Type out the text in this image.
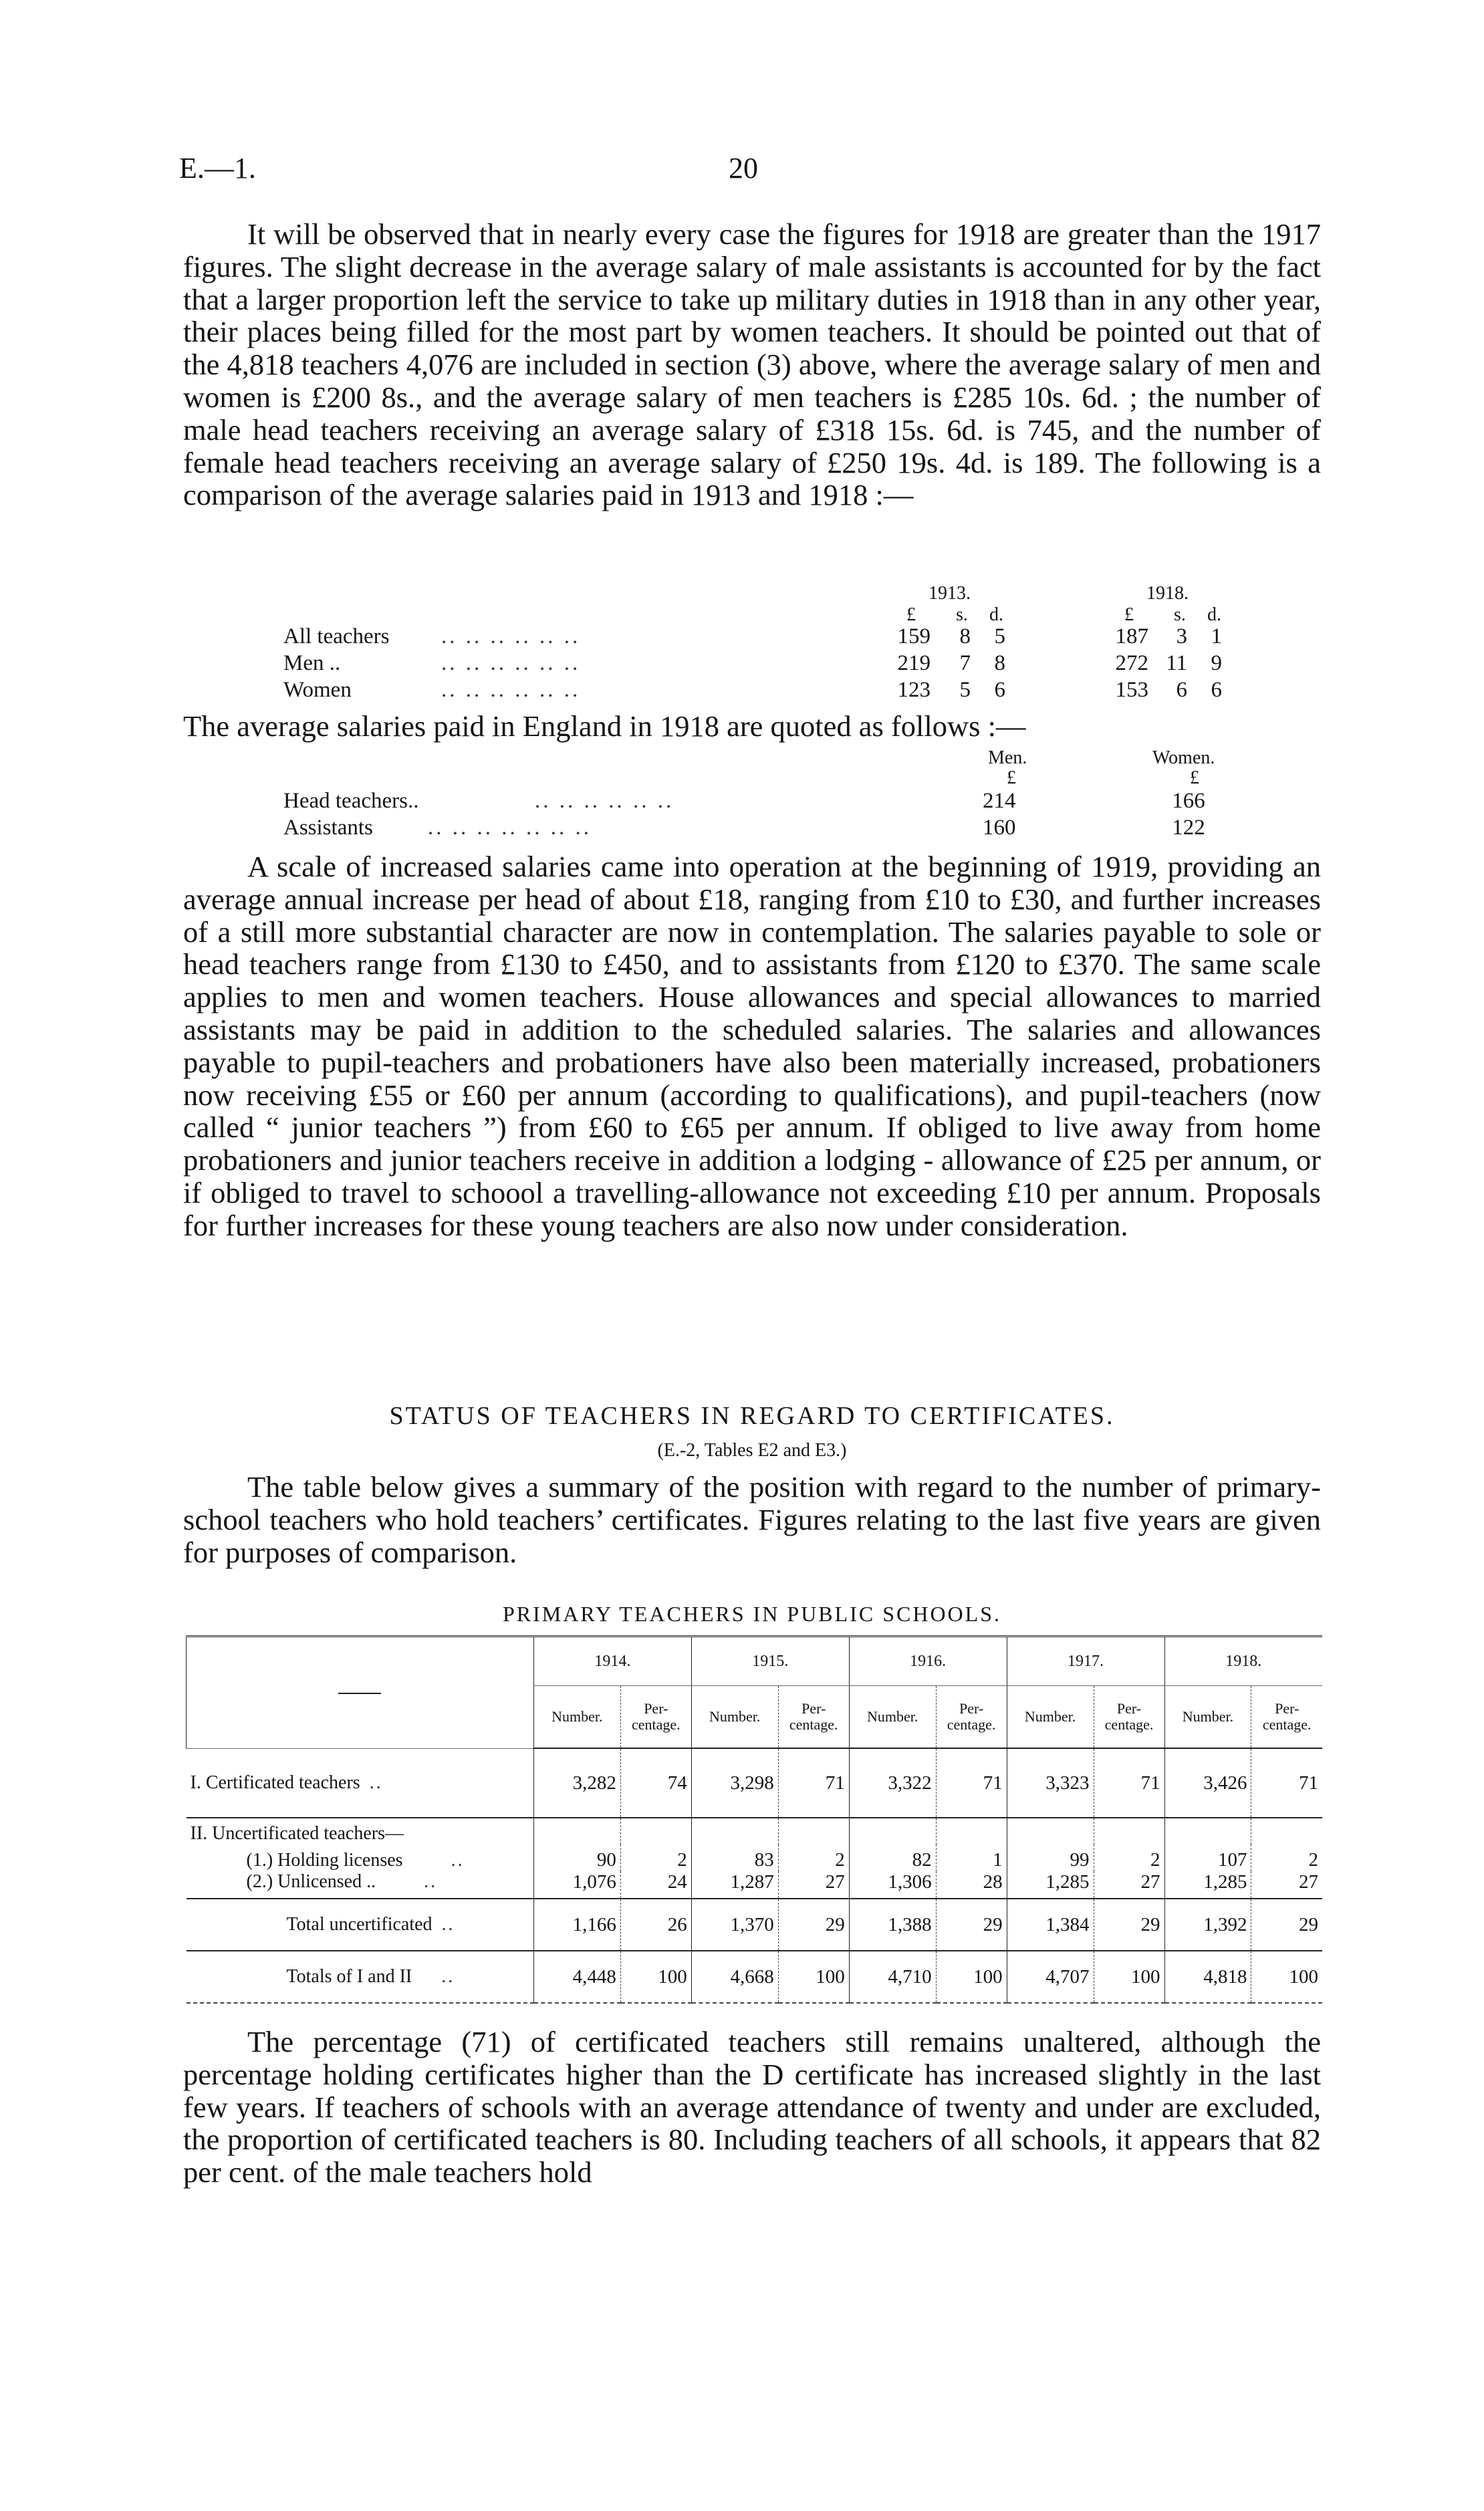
E.—1.	20

It will be observed that in nearly every case the figures for 1918 are greater than the 1917 figures. The slight decrease in the average salary of male assistants is accounted for by the fact that a larger proportion left the service to take up military duties in 1918 than in any other year, their places being filled for the most part by women teachers. It should be pointed out that of the 4,818 teachers 4,076 are included in section (3) above, where the average salary of men and women is £200 8s., and the average salary of men teachers is £285 10s. 6d. ; the number of male head teachers receiving an average salary of £318 15s. 6d. is 745, and the number of female head teachers receiving an average salary of £250 19s. 4d. is 189. The following is a comparison of the average salaries paid in 1913 and 1918 :—

1913.	1918.
£ s. d.	£ s. d.
All teachers .. .. .. .. .. ..	159	8	5	187	3	1
Men ..	.. .. .. .. .. ..	219	7	8	272 11	9
Women	.. .. .. .. .. ..	123	5	6	153	6	6

The average salaries paid in England in 1918 are quoted as follows :—

Men.	Women.
£	£
Head teachers..	.. .. .. .. .. ..	214	166
Assistants .. .. .. .. .. .. ..	160	122

A scale of increased salaries came into operation at the beginning of 1919, providing an average annual increase per head of about £18, ranging from £10 to £30, and further increases of a still more substantial character are now in contemplation. The salaries payable to sole or head teachers range from £130 to £450, and to assistants from £120 to £370. The same scale applies to men and women teachers. House allowances and special allowances to married assistants may be paid in addition to the scheduled salaries. The salaries and allowances payable to pupil-teachers and probationers have also been materially increased, probationers now receiving £55 or £60 per annum (according to qualifications), and pupil-teachers (now called “ junior teachers ”) from £60 to £65 per annum. If obliged to live away from home probationers and junior teachers receive in addition a lodging - allowance of £25 per annum, or if obliged to travel to schoool a travelling-allowance not exceeding £10 per annum. Proposals for further increases for these young teachers are also now under consideration.

STATUS OF TEACHERS IN REGARD TO CERTIFICATES.
(E.-2, Tables E2 and E3.)

The table below gives a summary of the position with regard to the number of primary-school teachers who hold teachers’ certificates. Figures relating to the last five years are given for purposes of comparison.

PRIMARY TEACHERS IN PUBLIC SCHOOLS.
	1914.		1915.		1916.		1917.		1918.	
	Number.	Per-centage.	Number.	Per-centage.	Number.	Per-centage.	Number.	Per-centage.	Number.	Per-centage.
I. Certificated teachers ..	3,282	74	3,298	71	3,322	71	3,323	71	3,426	71
II. Uncertificated teachers—										
(1.) Holding licenses ..	90	2	83	2	82	1	99	2	107	2
(2.) Unlicensed .. ..	1,076	24	1,287	27	1,306	28	1,285	27	1,285	27
Total uncertificated ..	1,166	26	1,370	29	1,388	29	1,384	29	1,392	29
Totals of I and II ..	4,448	100	4,668	100	4,710	100	4,707	100	4,818	100

The percentage (71) of certificated teachers still remains unaltered, although the percentage holding certificates higher than the D certificate has increased slightly in the last few years. If teachers of schools with an average attendance of twenty and under are excluded, the proportion of certificated teachers is 80. Including teachers of all schools, it appears that 82 per cent. of the male teachers hold
